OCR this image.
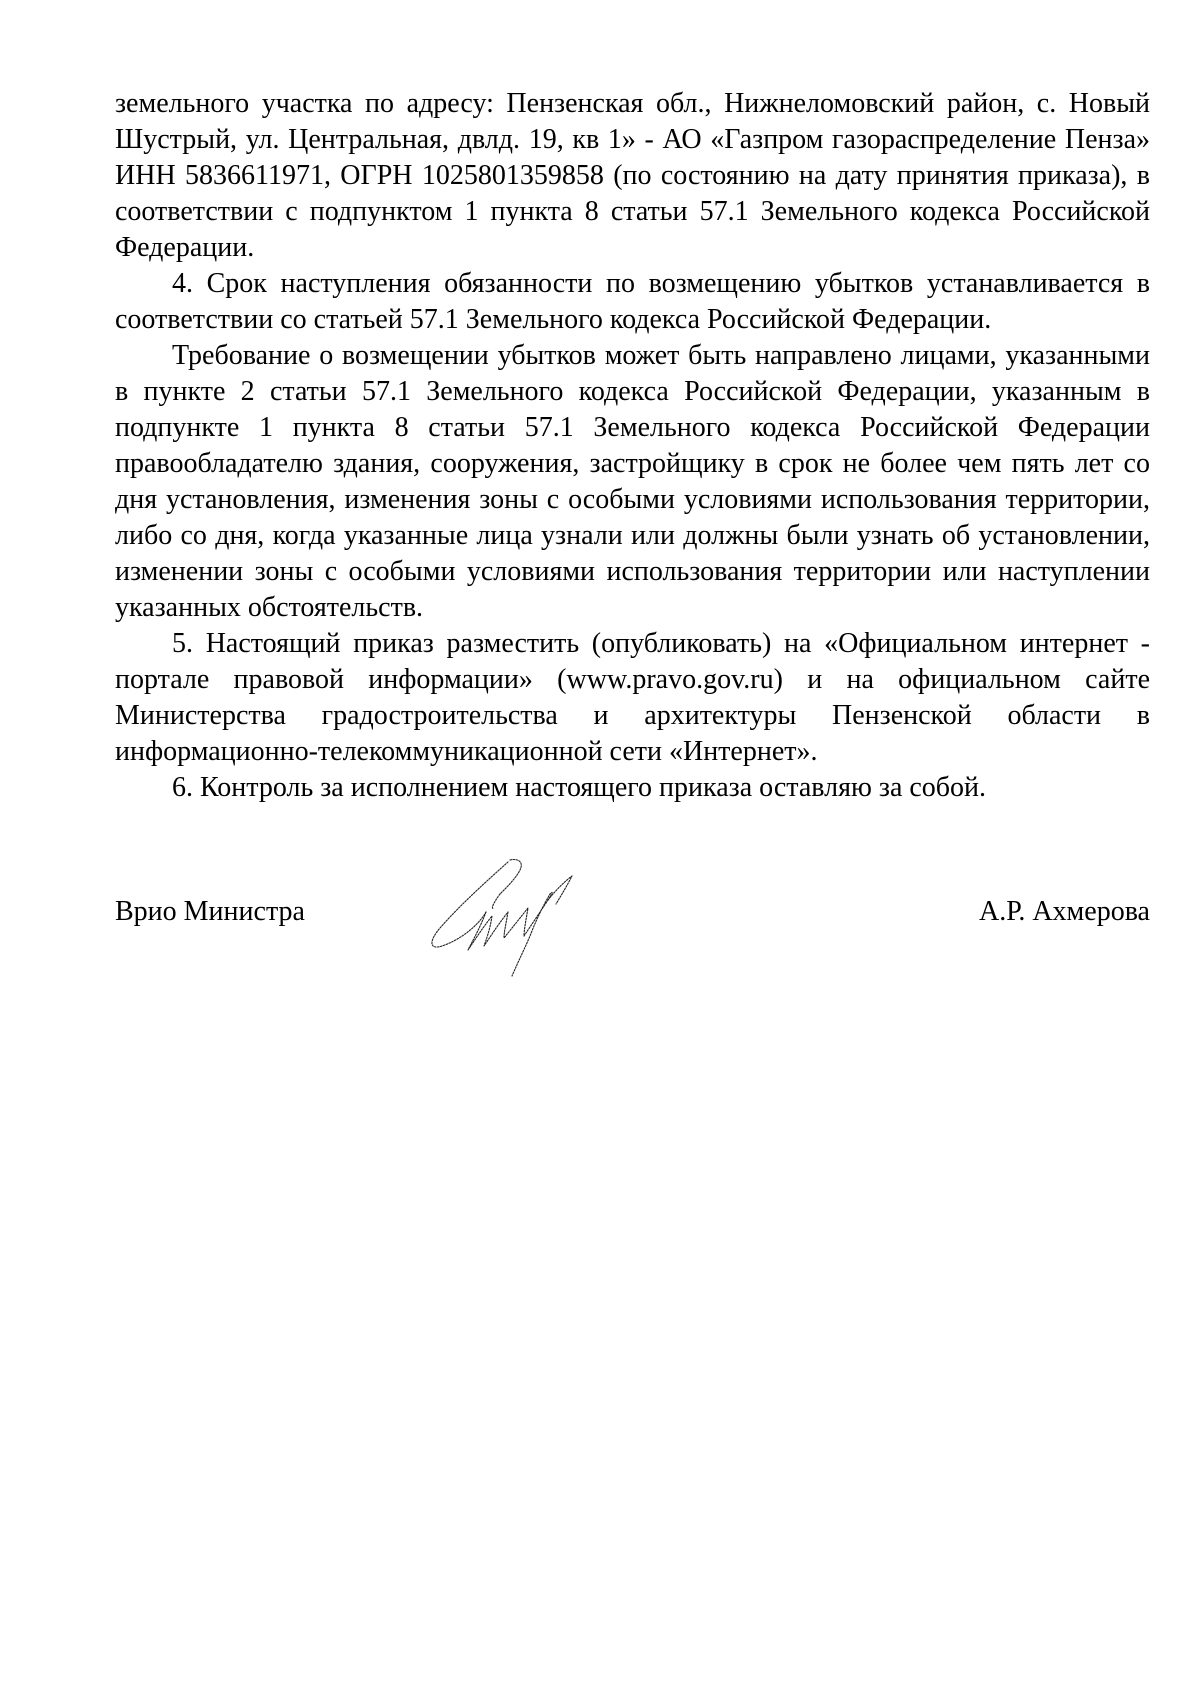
земельного участка по адресу: Пензенская обл., Нижнеломовский район, с. Новый Шустрый, ул. Центральная, двлд. 19, кв 1» - АО «Газпром газораспределение Пенза» ИНН 5836611971, ОГРН 1025801359858 (по состоянию на дату принятия приказа), в соответствии с подпунктом 1 пункта 8 статьи 57.1 Земельного кодекса Российской Федерации.

4. Срок наступления обязанности по возмещению убытков устанавливается в соответствии со статьей 57.1 Земельного кодекса Российской Федерации.

Требование о возмещении убытков может быть направлено лицами, указанными в пункте 2 статьи 57.1 Земельного кодекса Российской Федерации, указанным в подпункте 1 пункта 8 статьи 57.1 Земельного кодекса Российской Федерации правообладателю здания, сооружения, застройщику в срок не более чем пять лет со дня установления, изменения зоны с особыми условиями использования территории, либо со дня, когда указанные лица узнали или должны были узнать об установлении, изменении зоны с особыми условиями использования территории или наступлении указанных обстоятельств.

5. Настоящий приказ разместить (опубликовать) на «Официальном интернет - портале правовой информации» (www.pravo.gov.ru) и на официальном сайте Министерства градостроительства и архитектуры Пензенской области в информационно-телекоммуникационной сети «Интернет».

6. Контроль за исполнением настоящего приказа оставляю за собой.

Врио Министра	А.Р. Ахмерова
